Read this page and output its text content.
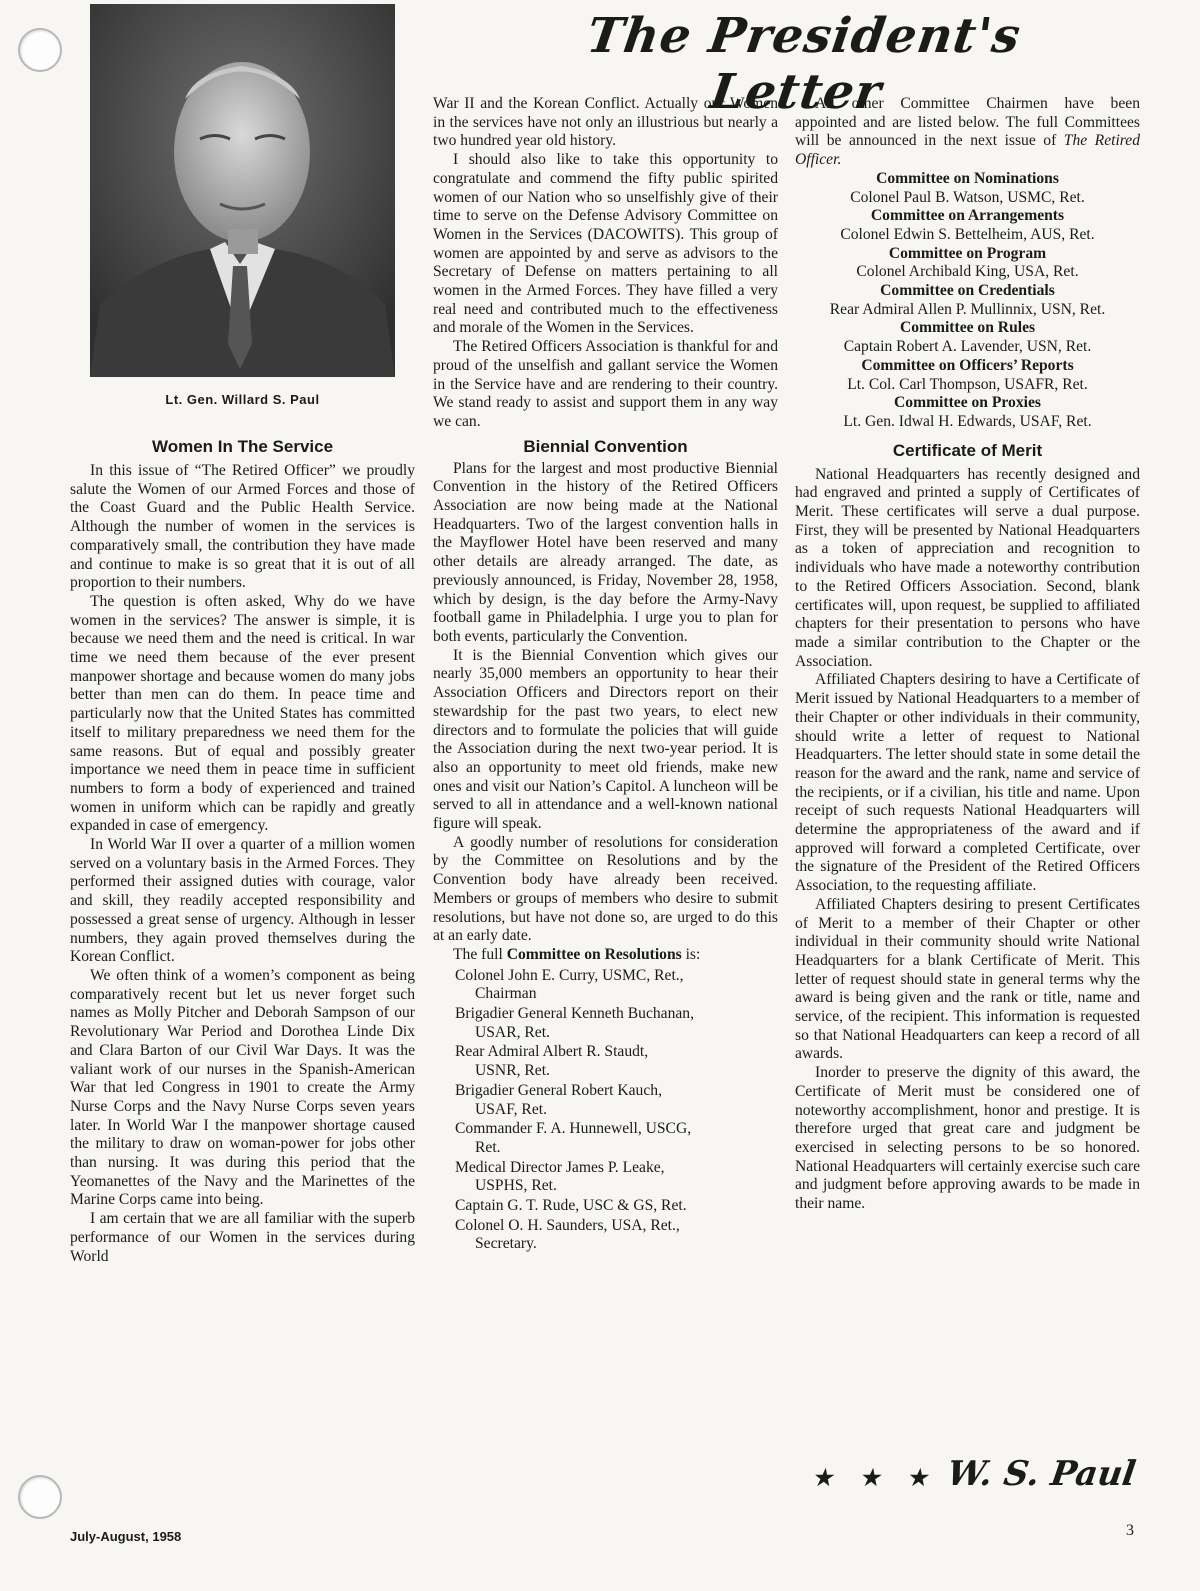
Lt. Gen. Willard S. Paul
The President's Letter
Women In The Service

In this issue of “The Retired Officer” we proudly salute the Women of our Armed Forces and those of the Coast Guard and the Public Health Service. Although the number of women in the services is comparatively small, the contribution they have made and continue to make is so great that it is out of all proportion to their numbers.

The question is often asked, Why do we have women in the services? The answer is simple, it is because we need them and the need is critical. In war time we need them because of the ever present manpower shortage and because women do many jobs better than men can do them. In peace time and particularly now that the United States has committed itself to military preparedness we need them for the same reasons. But of equal and possibly greater importance we need them in peace time in sufficient numbers to form a body of experienced and trained women in uniform which can be rapidly and greatly expanded in case of emergency.

In World War II over a quarter of a million women served on a voluntary basis in the Armed Forces. They performed their assigned duties with courage, valor and skill, they readily accepted responsibility and possessed a great sense of urgency. Although in lesser numbers, they again proved themselves during the Korean Conflict.

We often think of a women’s component as being comparatively recent but let us never forget such names as Molly Pitcher and Deborah Sampson of our Revolutionary War Period and Dorothea Linde Dix and Clara Barton of our Civil War Days. It was the valiant work of our nurses in the Spanish-American War that led Congress in 1901 to create the Army Nurse Corps and the Navy Nurse Corps seven years later. In World War I the manpower shortage caused the military to draw on woman-power for jobs other than nursing. It was during this period that the Yeomanettes of the Navy and the Marinettes of the Marine Corps came into being.

I am certain that we are all familiar with the superb performance of our Women in the services during World

War II and the Korean Conflict. Actually our Women in the services have not only an illustrious but nearly a two hundred year old history.

I should also like to take this opportunity to congratulate and commend the fifty public spirited women of our Nation who so unselfishly give of their time to serve on the Defense Advisory Committee on Women in the Services (DACOWITS). This group of women are appointed by and serve as advisors to the Secretary of Defense on matters pertaining to all women in the Armed Forces. They have filled a very real need and contributed much to the effectiveness and morale of the Women in the Services.

The Retired Officers Association is thankful for and proud of the unselfish and gallant service the Women in the Service have and are rendering to their country. We stand ready to assist and support them in any way we can.

Biennial Convention

Plans for the largest and most productive Biennial Convention in the history of the Retired Officers Association are now being made at the National Headquarters. Two of the largest convention halls in the Mayflower Hotel have been reserved and many other details are already arranged. The date, as previously announced, is Friday, November 28, 1958, which by design, is the day before the Army-Navy football game in Philadelphia. I urge you to plan for both events, particularly the Convention.

It is the Biennial Convention which gives our nearly 35,000 members an opportunity to hear their Association Officers and Directors report on their stewardship for the past two years, to elect new directors and to formulate the policies that will guide the Association during the next two-year period. It is also an opportunity to meet old friends, make new ones and visit our Nation’s Capitol. A luncheon will be served to all in attendance and a well-known national figure will speak.

A goodly number of resolutions for consideration by the Committee on Resolutions and by the Convention body have already been received. Members or groups of members who desire to submit resolutions, but have not done so, are urged to do this at an early date.

The full Committee on Resolutions is:

Colonel John E. Curry, USMC, Ret.,
Chairman

Brigadier General Kenneth Buchanan,
USAR, Ret.

Rear Admiral Albert R. Staudt,
USNR, Ret.

Brigadier General Robert Kauch,
USAF, Ret.

Commander F. A. Hunnewell, USCG,
Ret.

Medical Director James P. Leake,
USPHS, Ret.

Captain G. T. Rude, USC & GS, Ret.

Colonel O. H. Saunders, USA, Ret.,
Secretary.

All other Committee Chairmen have been appointed and are listed below. The full Committees will be announced in the next issue of The Retired Officer.

Committee on Nominations

Colonel Paul B. Watson, USMC, Ret.

Committee on Arrangements

Colonel Edwin S. Bettelheim, AUS, Ret.

Committee on Program

Colonel Archibald King, USA, Ret.

Committee on Credentials

Rear Admiral Allen P. Mullinnix, USN, Ret.

Committee on Rules

Captain Robert A. Lavender, USN, Ret.

Committee on Officers’ Reports

Lt. Col. Carl Thompson, USAFR, Ret.

Committee on Proxies

Lt. Gen. Idwal H. Edwards, USAF, Ret.

Certificate of Merit

National Headquarters has recently designed and had engraved and printed a supply of Certificates of Merit. These certificates will serve a dual purpose. First, they will be presented by National Headquarters as a token of appreciation and recognition to individuals who have made a noteworthy contribution to the Retired Officers Association. Second, blank certificates will, upon request, be supplied to affiliated chapters for their presentation to persons who have made a similar contribution to the Chapter or the Association.

Affiliated Chapters desiring to have a Certificate of Merit issued by National Headquarters to a member of their Chapter or other individuals in their community, should write a letter of request to National Headquarters. The letter should state in some detail the reason for the award and the rank, name and service of the recipients, or if a civilian, his title and name. Upon receipt of such requests National Headquarters will determine the appropriateness of the award and if approved will forward a completed Certificate, over the signature of the President of the Retired Officers Association, to the requesting affiliate.

Affiliated Chapters desiring to present Certificates of Merit to a member of their Chapter or other individual in their community should write National Headquarters for a blank Certificate of Merit. This letter of request should state in general terms why the award is being given and the rank or title, name and service, of the recipient. This information is requested so that National Headquarters can keep a record of all awards.

Inorder to preserve the dignity of this award, the Certificate of Merit must be considered one of noteworthy accomplishment, honor and prestige. It is therefore urged that great care and judgment be exercised in selecting persons to be so honored. National Headquarters will certainly exercise such care and judgment before approving awards to be made in their name.

★ ★ ★ W. S. Paul
July-August, 1958	3
